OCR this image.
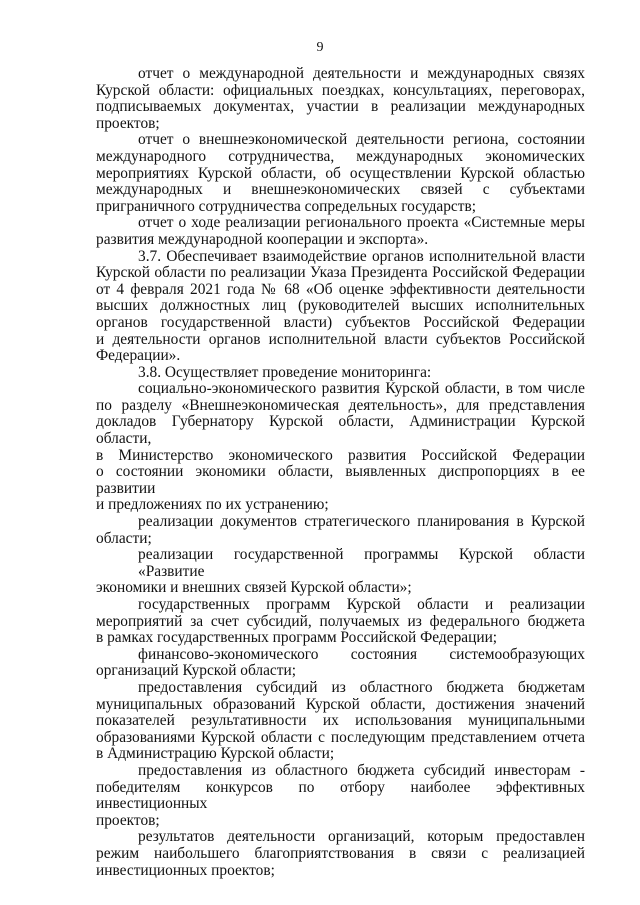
9

отчет о международной деятельности и международных связях
Курской области: официальных поездках, консультациях, переговорах,
подписываемых документах, участии в реализации международных
проектов;

отчет о внешнеэкономической деятельности региона, состоянии
международного сотрудничества, международных экономических
мероприятиях Курской области, об осуществлении Курской областью
международных и внешнеэкономических связей с субъектами
приграничного сотрудничества сопредельных государств;

отчет о ходе реализации регионального проекта «Системные меры
развития международной кооперации и экспорта».

3.7. Обеспечивает взаимодействие органов исполнительной власти
Курской области по реализации Указа Президента Российской Федерации
от 4 февраля 2021 года № 68 «Об оценке эффективности деятельности
высших должностных лиц (руководителей высших исполнительных
органов государственной власти) субъектов Российской Федерации
и деятельности органов исполнительной власти субъектов Российской
Федерации».

3.8. Осуществляет проведение мониторинга:

социально-экономического развития Курской области, в том числе
по разделу «Внешнеэкономическая деятельность», для представления
докладов Губернатору Курской области, Администрации Курской области,
в Министерство экономического развития Российской Федерации
о состоянии экономики области, выявленных диспропорциях в ее развитии
и предложениях по их устранению;

реализации документов стратегического планирования в Курской
области;

реализации государственной программы Курской области «Развитие
экономики и внешних связей Курской области»;

государственных программ Курской области и реализации
мероприятий за счет субсидий, получаемых из федерального бюджета
в рамках государственных программ Российской Федерации;

финансово-экономического состояния системообразующих
организаций Курской области;

предоставления субсидий из областного бюджета бюджетам
муниципальных образований Курской области, достижения значений
показателей результативности их использования муниципальными
образованиями Курской области с последующим представлением отчета
в Администрацию Курской области;

предоставления из областного бюджета субсидий инвесторам -
победителям конкурсов по отбору наиболее эффективных инвестиционных
проектов;

результатов деятельности организаций, которым предоставлен
режим наибольшего благоприятствования в связи с реализацией
инвестиционных проектов;
